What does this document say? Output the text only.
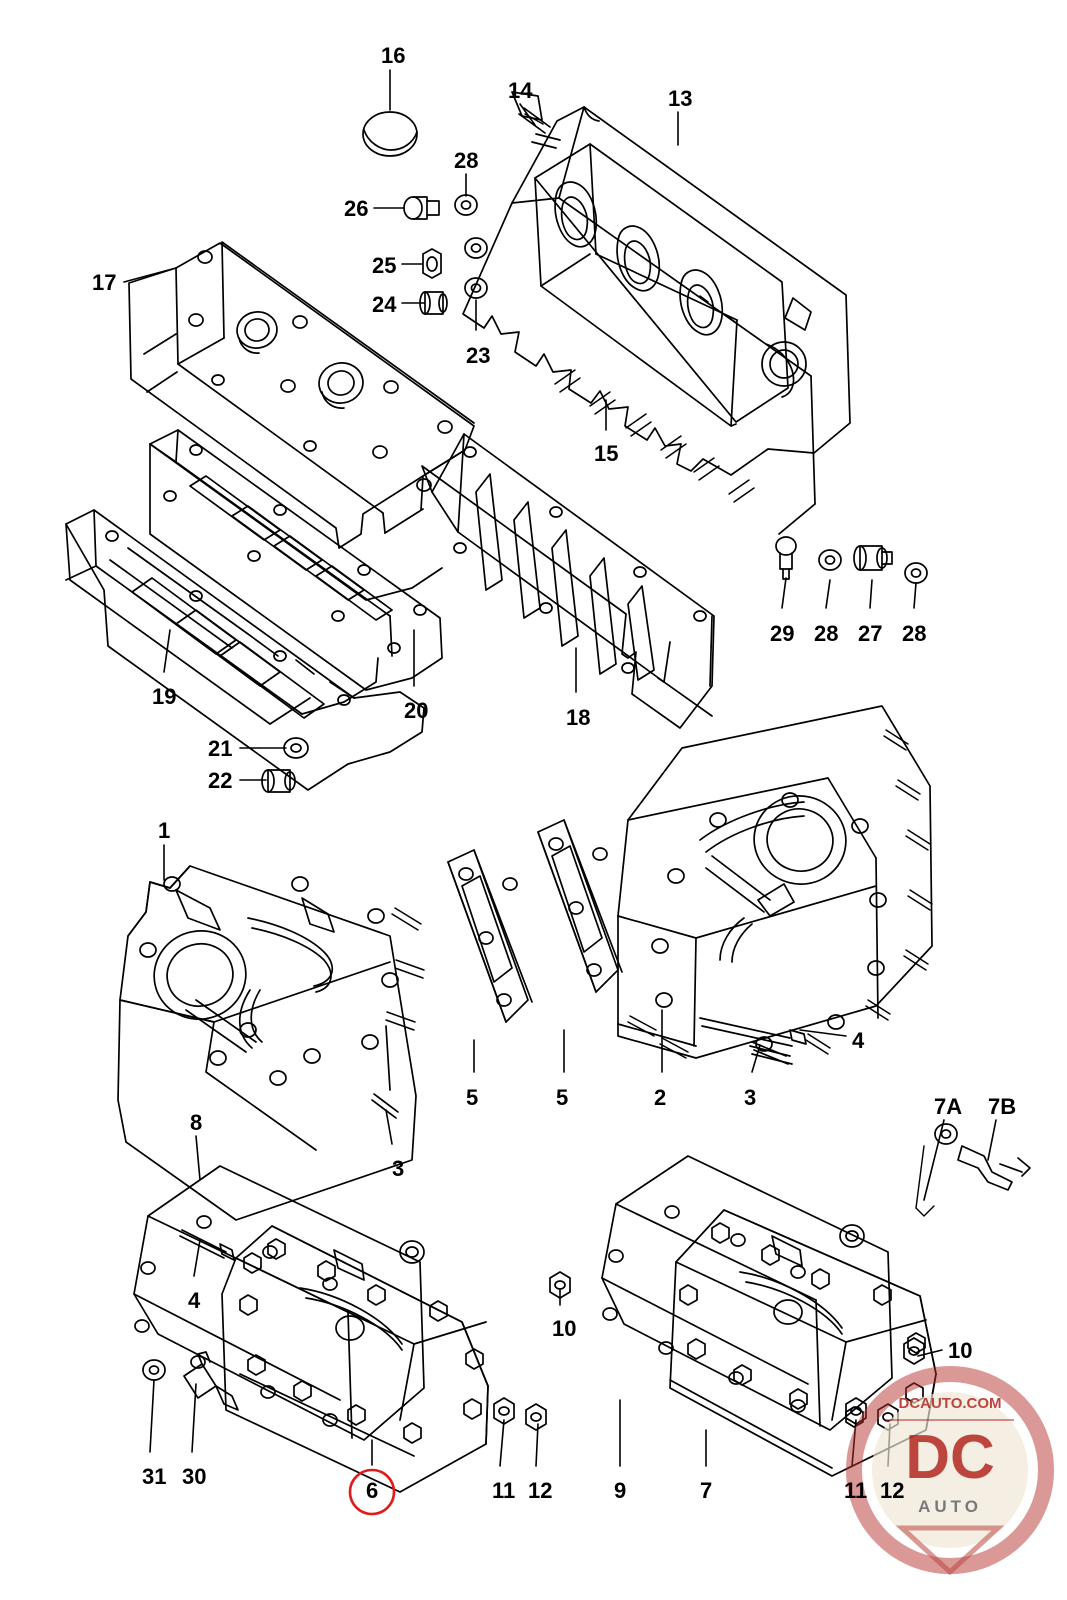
DCAUTO.COM
DC
AUTO
16
14	13
28
26
25
24
23
17
15
29 28 27 28
19
20	18
21
22
1
5	5	2	3
4
8
3
4
7A 7B
10
10
31 30
6	11 12	9	7	11 12
